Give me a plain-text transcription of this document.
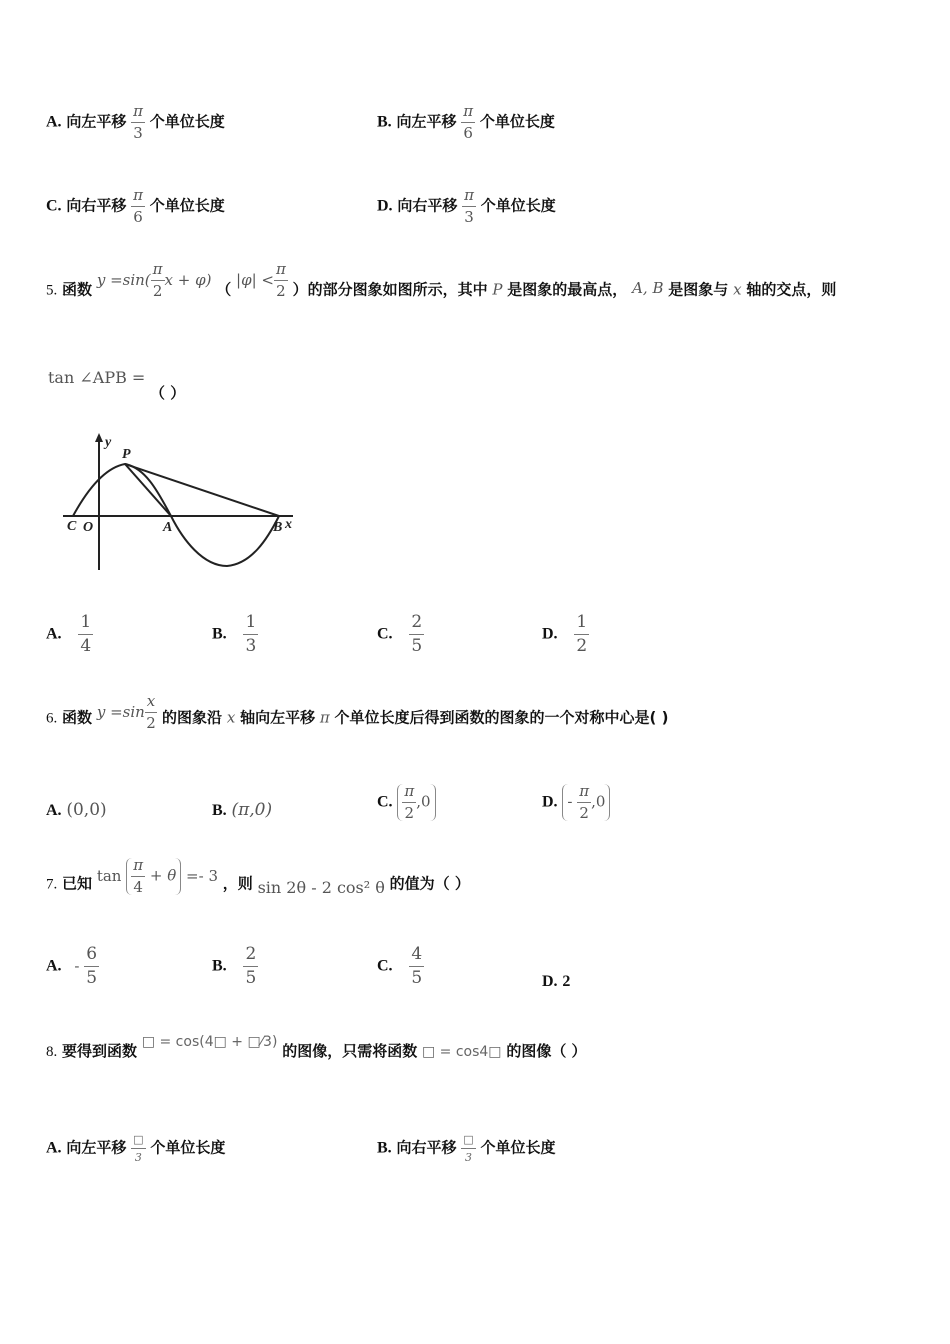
A. 向左平移 $\frac{\pi}{3}$ 个单位长度	B. 向左平移 $\frac{\pi}{6}$ 个单位长度
C. 向右平移 $\frac{\pi}{6}$ 个单位长度	D. 向右平移 $\frac{\pi}{3}$ 个单位长度
5. 函数 $y =\sin( \frac{\pi}{2}$ x + φ) （ $|\varphi| < \frac{\pi}{2}$ ）的部分图象如图所示，其中 P 是图象的最高点， A, B 是图象与 x 轴的交点，则
tan ∠APB =
（ ）
y
P
C O	A	B x
A. $\frac{1}{4}$	B. $\frac{1}{3}$	C. $\frac{2}{5}$	D. $\frac{1}{2}$
6. 函数 $y =\sin \frac{x}{2}$ 的图象沿 x 轴向左平移 π 个单位长度后得到函数的图象的一个对称中心是( )
A. (0,0)	B. (π,0)	C. $\frac{\pi}{2} ,0$	D. - $\frac{\pi}{2} ,0$
7. 已知 $\tan \frac{\pi}{4} + \theta =- 3$ ，则 sin 2θ - 2 cos² θ 的值为（ ）
A. - $\frac{6}{5}$	B. $\frac{2}{5}$	C. $\frac{4}{5}$	D. 2
8. 要得到函数 □ = cos(4□ + □⁄3) 的图像，只需将函数 □ = cos4□ 的图像（ ）
A. 向左平移 $\frac{□}{3}$ 个单位长度	B. 向右平移 $\frac{□}{3}$ 个单位长度
